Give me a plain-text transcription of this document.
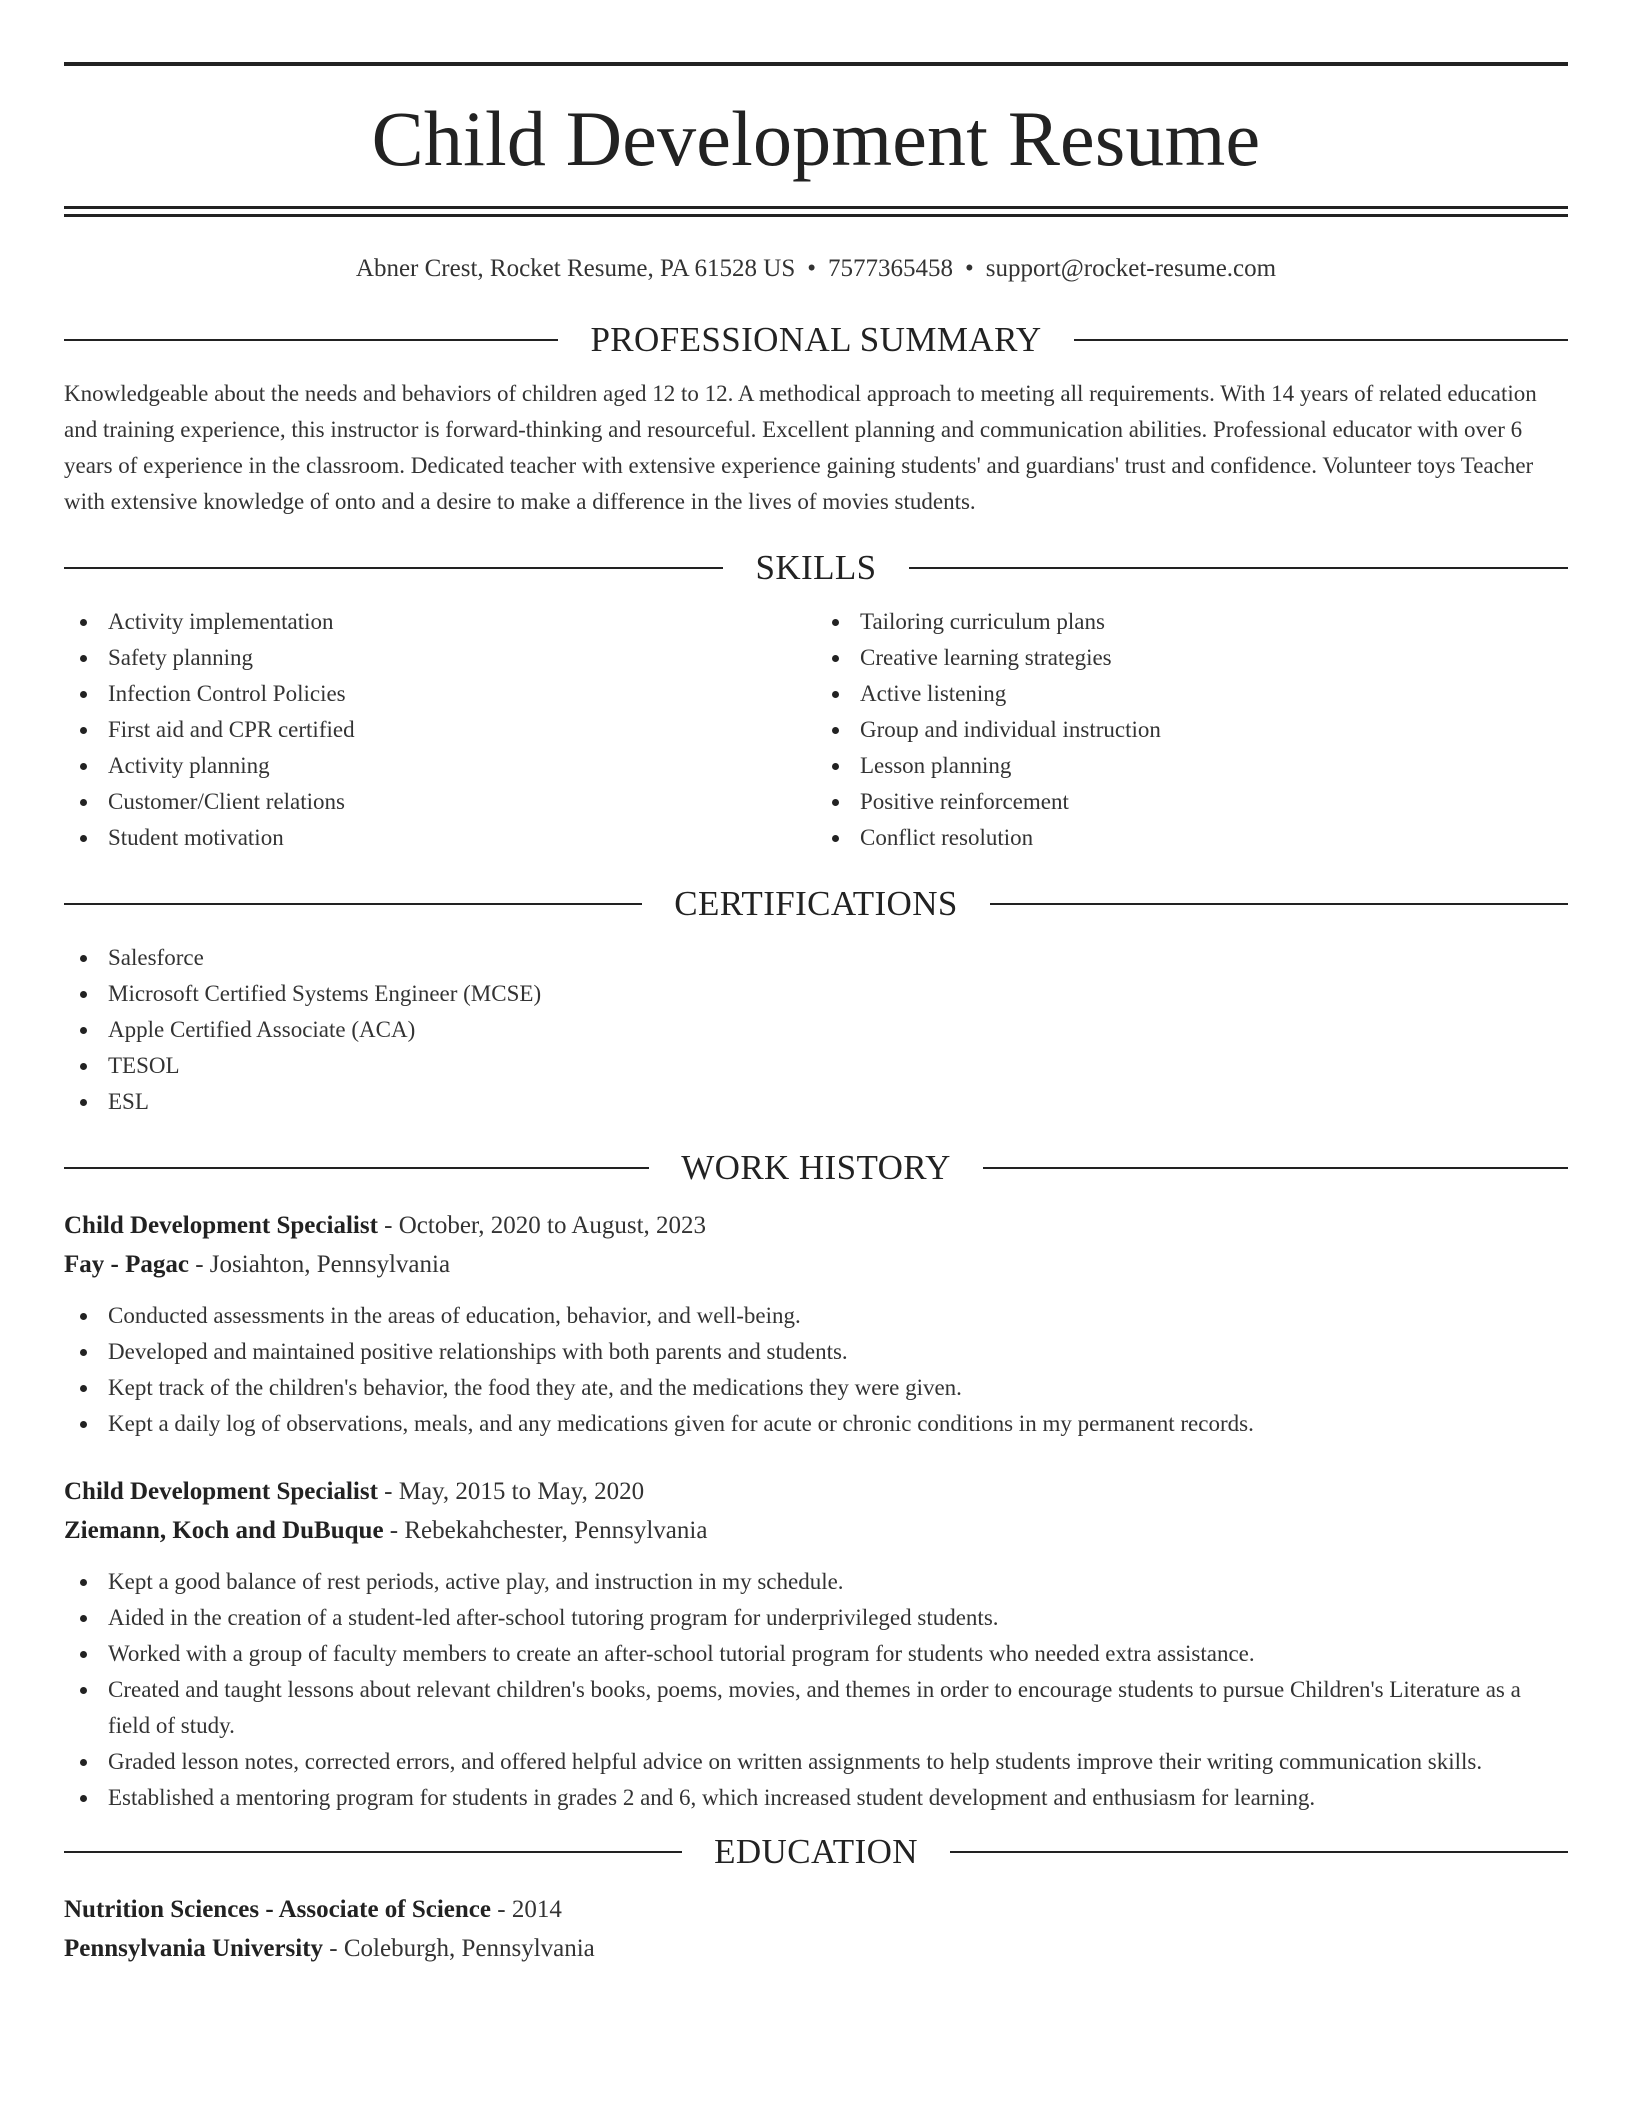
Child Development Resume
Abner Crest, Rocket Resume, PA 61528 US • 7577365458 • support@rocket-resume.com
PROFESSIONAL SUMMARY
Knowledgeable about the needs and behaviors of children aged 12 to 12. A methodical approach to meeting all requirements. With 14 years of related education and training experience, this instructor is forward-thinking and resourceful. Excellent planning and communication abilities. Professional educator with over 6 years of experience in the classroom. Dedicated teacher with extensive experience gaining students' and guardians' trust and confidence. Volunteer toys Teacher with extensive knowledge of onto and a desire to make a difference in the lives of movies students.
SKILLS
Activity implementation
Safety planning
Infection Control Policies
First aid and CPR certified
Activity planning
Customer/Client relations
Student motivation
Tailoring curriculum plans
Creative learning strategies
Active listening
Group and individual instruction
Lesson planning
Positive reinforcement
Conflict resolution
CERTIFICATIONS
Salesforce
Microsoft Certified Systems Engineer (MCSE)
Apple Certified Associate (ACA)
TESOL
ESL
WORK HISTORY
Child Development Specialist - October, 2020 to August, 2023
Fay - Pagac - Josiahton, Pennsylvania
Conducted assessments in the areas of education, behavior, and well-being.
Developed and maintained positive relationships with both parents and students.
Kept track of the children's behavior, the food they ate, and the medications they were given.
Kept a daily log of observations, meals, and any medications given for acute or chronic conditions in my permanent records.
Child Development Specialist - May, 2015 to May, 2020
Ziemann, Koch and DuBuque - Rebekahchester, Pennsylvania
Kept a good balance of rest periods, active play, and instruction in my schedule.
Aided in the creation of a student-led after-school tutoring program for underprivileged students.
Worked with a group of faculty members to create an after-school tutorial program for students who needed extra assistance.
Created and taught lessons about relevant children's books, poems, movies, and themes in order to encourage students to pursue Children's Literature as a field of study.
Graded lesson notes, corrected errors, and offered helpful advice on written assignments to help students improve their writing communication skills.
Established a mentoring program for students in grades 2 and 6, which increased student development and enthusiasm for learning.
EDUCATION
Nutrition Sciences - Associate of Science - 2014
Pennsylvania University - Coleburgh, Pennsylvania
